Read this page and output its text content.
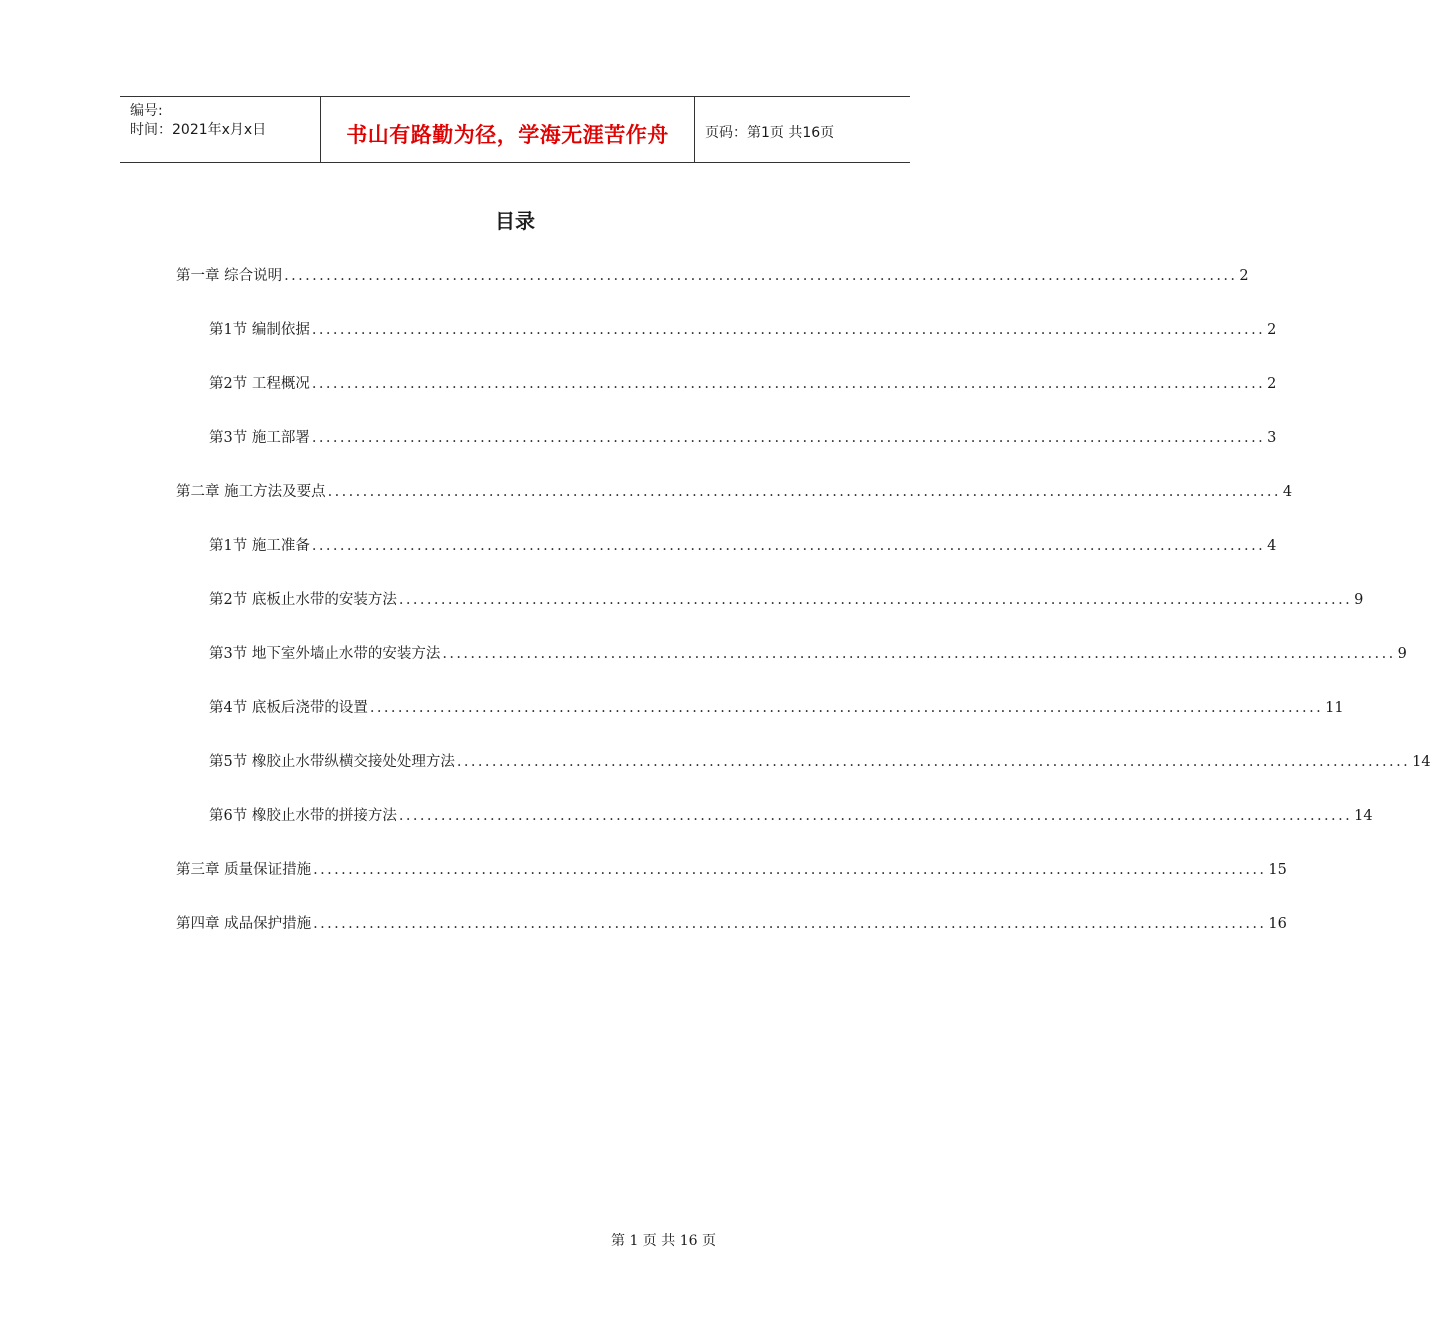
编号:
时间：2021年x月x日	书山有路勤为径，学海无涯苦作舟	页码：第1页 共16页
目录
第一章 综合说明 ........................................................................................................................................ 2
第1节 编制依据 ........................................................................................................................................ 2
第2节 工程概况 ........................................................................................................................................ 2
第3节 施工部署 ........................................................................................................................................ 3
第二章 施工方法及要点 ........................................................................................................................................ 4
第1节 施工准备 ........................................................................................................................................ 4
第2节 底板止水带的安装方法 ........................................................................................................................................ 9
第3节 地下室外墙止水带的安装方法 ........................................................................................................................................ 9
第4节 底板后浇带的设置 ........................................................................................................................................ 11
第5节 橡胶止水带纵横交接处处理方法 ........................................................................................................................................ 14
第6节 橡胶止水带的拼接方法 ........................................................................................................................................ 14
第三章 质量保证措施 ........................................................................................................................................ 15
第四章 成品保护措施 ........................................................................................................................................ 16
第 1 页 共 16 页
